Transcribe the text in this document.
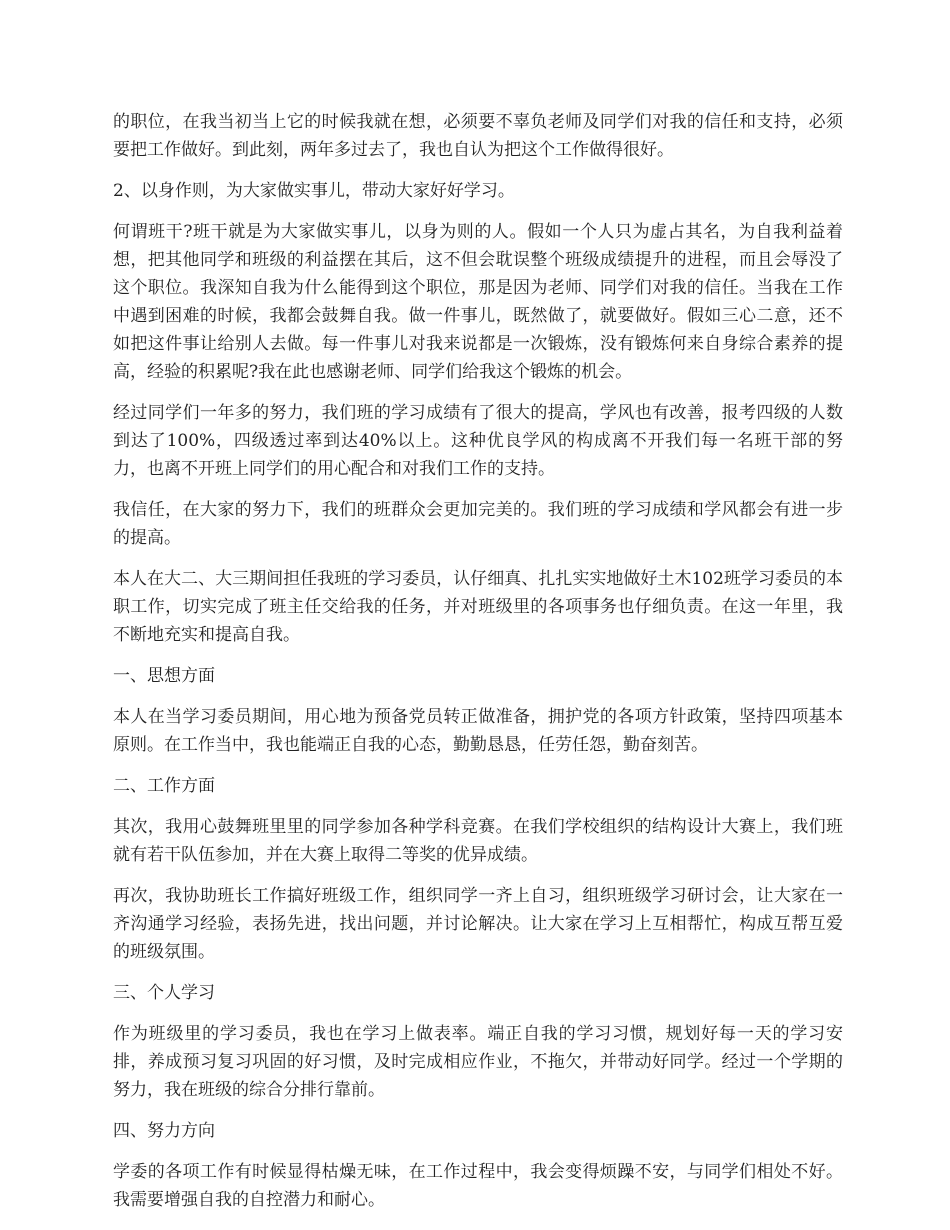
的职位，在我当初当上它的时候我就在想，必须要不辜负老师及同学们对我的信任和支持，必须要把工作做好。到此刻，两年多过去了，我也自认为把这个工作做得很好。

2、以身作则，为大家做实事儿，带动大家好好学习。

何谓班干?班干就是为大家做实事儿，以身为则的人。假如一个人只为虚占其名，为自我利益着想，把其他同学和班级的利益摆在其后，这不但会耽误整个班级成绩提升的进程，而且会辱没了这个职位。我深知自我为什么能得到这个职位，那是因为老师、同学们对我的信任。当我在工作中遇到困难的时候，我都会鼓舞自我。做一件事儿，既然做了，就要做好。假如三心二意，还不如把这件事让给别人去做。每一件事儿对我来说都是一次锻炼，没有锻炼何来自身综合素养的提高，经验的积累呢?我在此也感谢老师、同学们给我这个锻炼的机会。

经过同学们一年多的努力，我们班的学习成绩有了很大的提高，学风也有改善，报考四级的人数到达了100%，四级透过率到达40%以上。这种优良学风的构成离不开我们每一名班干部的努力，也离不开班上同学们的用心配合和对我们工作的支持。

我信任，在大家的努力下，我们的班群众会更加完美的。我们班的学习成绩和学风都会有进一步的提高。

本人在大二、大三期间担任我班的学习委员，认仔细真、扎扎实实地做好土木102班学习委员的本职工作，切实完成了班主任交给我的任务，并对班级里的各项事务也仔细负责。在这一年里，我不断地充实和提高自我。

一、思想方面

本人在当学习委员期间，用心地为预备党员转正做准备，拥护党的各项方针政策，坚持四项基本原则。在工作当中，我也能端正自我的心态，勤勤恳恳，任劳任怨，勤奋刻苦。

二、工作方面

其次，我用心鼓舞班里里的同学参加各种学科竞赛。在我们学校组织的结构设计大赛上，我们班就有若干队伍参加，并在大赛上取得二等奖的优异成绩。

再次，我协助班长工作搞好班级工作，组织同学一齐上自习，组织班级学习研讨会，让大家在一齐沟通学习经验，表扬先进，找出问题，并讨论解决。让大家在学习上互相帮忙，构成互帮互爱的班级氛围。

三、个人学习

作为班级里的学习委员，我也在学习上做表率。端正自我的学习习惯，规划好每一天的学习安排，养成预习复习巩固的好习惯，及时完成相应作业，不拖欠，并带动好同学。经过一个学期的努力，我在班级的综合分排行靠前。

四、努力方向

学委的各项工作有时候显得枯燥无味，在工作过程中，我会变得烦躁不安，与同学们相处不好。我需要增强自我的自控潜力和耐心。
